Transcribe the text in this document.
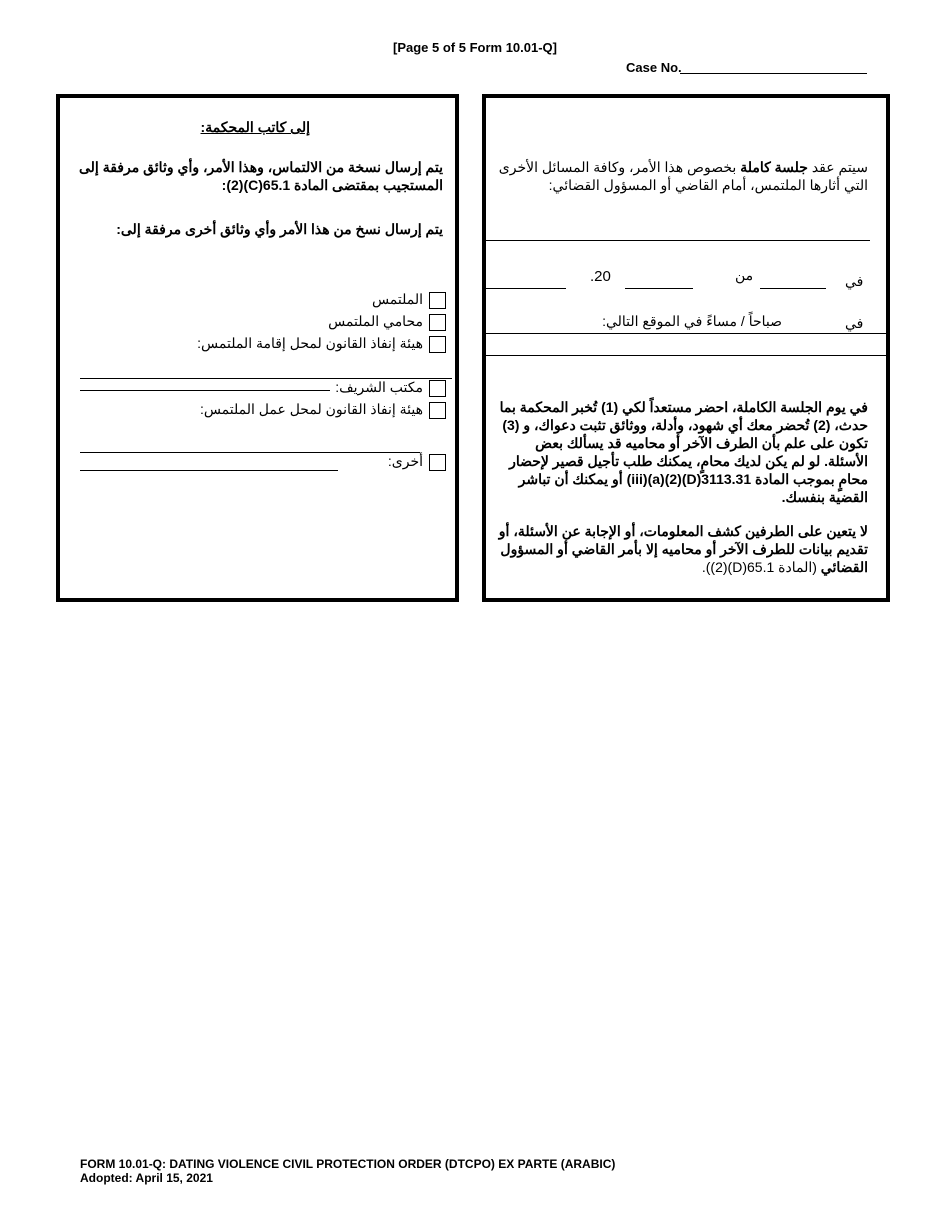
[Page 5 of 5 Form 10.01-Q]
Case No.
إلى كاتب المحكمة:
يتم إرسال نسخة من الالتماس، وهذا الأمر، وأي وثائق مرفقة إلى المستجيب بمقتضى المادة 65.1(C)(2):
يتم إرسال نسخ من هذا الأمر وأي وثائق أخرى مرفقة إلى:
الملتمس
محامي الملتمس
هيئة إنفاذ القانون لمحل إقامة الملتمس:
مكتب الشريف:
هيئة إنفاذ القانون لمحل عمل الملتمس:
أخرى:
سيتم عقد جلسة كاملة بخصوص هذا الأمر، وكافة المسائل الأخرى التي أثارها الملتمس، أمام القاضي أو المسؤول القضائي:
في
من
.20
في
صباحاً / مساءً في الموقع التالي:
في يوم الجلسة الكاملة، احضر مستعداً لكي (1) تُخبر المحكمة بما حدث، (2) تُحضر معك أي شهود، وأدلة، ووثائق تثبت دعواك، و (3) تكون على علم بأن الطرف الآخر أو محاميه قد يسألك بعض الأسئلة. لو لم يكن لديك محامٍ، يمكنك طلب تأجيل قصير لإحضار محامٍ بموجب المادة 3113.31(D)(2)(a)(iii) أو يمكنك أن تباشر القضية بنفسك.
لا يتعين على الطرفين كشف المعلومات، أو الإجابة عن الأسئلة، أو تقديم بيانات للطرف الآخر أو محاميه إلا بأمر القاضي أو المسؤول القضائي (المادة 65.1(D)(2)).
FORM 10.01-Q: DATING VIOLENCE CIVIL PROTECTION ORDER (DTCPO) EX PARTE (ARABIC)
Adopted: April 15, 2021
